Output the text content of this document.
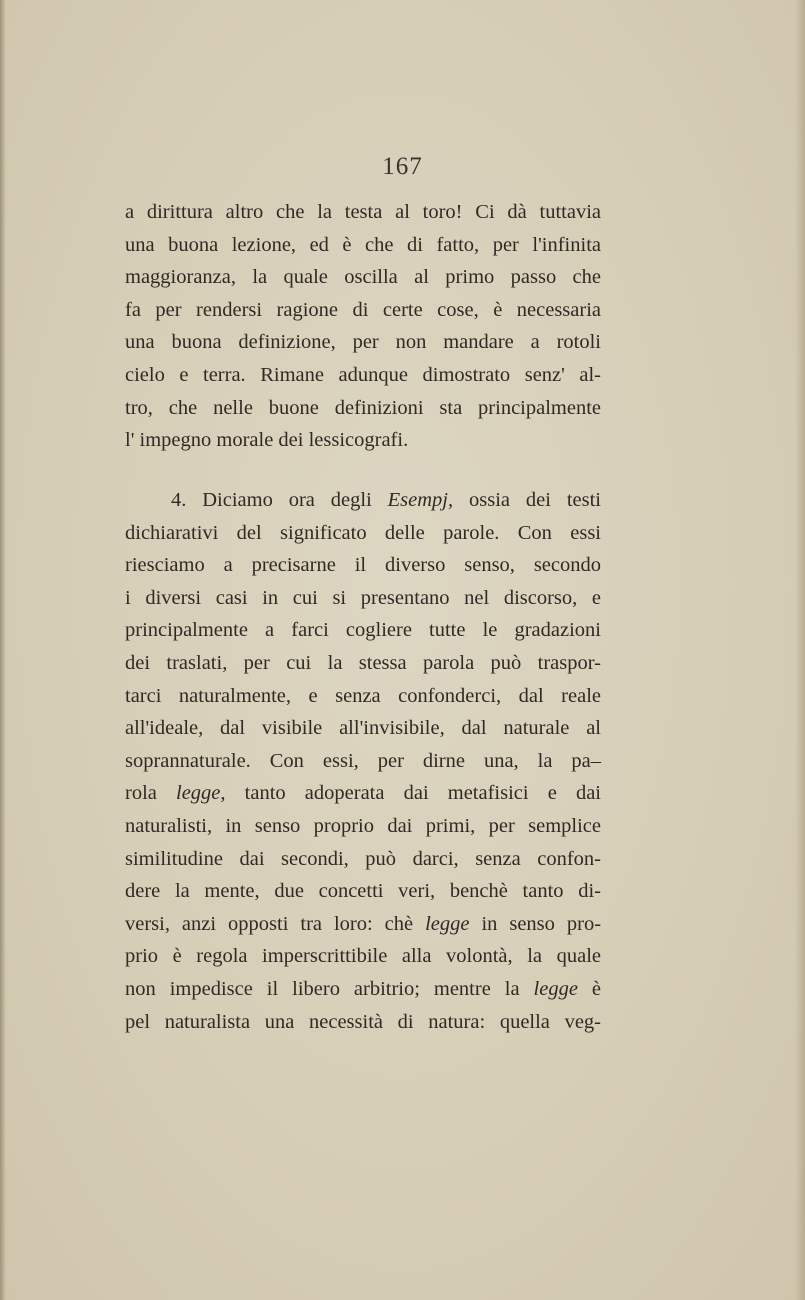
167
a dirittura altro che la testa al toro! Ci dà tuttavia
una buona lezione, ed è che di fatto, per l'infinita
maggioranza, la quale oscilla al primo passo che
fa per rendersi ragione di certe cose, è necessaria
una buona definizione, per non mandare a rotoli
cielo e terra. Rimane adunque dimostrato senz' al-
tro, che nelle buone definizioni sta principalmente
l' impegno morale dei lessicografi.
4. Diciamo ora degli Esempj, ossia dei testi
dichiarativi del significato delle parole. Con essi
riesciamo a precisarne il diverso senso, secondo
i diversi casi in cui si presentano nel discorso, e
principalmente a farci cogliere tutte le gradazioni
dei traslati, per cui la stessa parola può traspor-
tarci naturalmente, e senza confonderci, dal reale
all'ideale, dal visibile all'invisibile, dal naturale al
soprannaturale. Con essi, per dirne una, la pa–
rola legge, tanto adoperata dai metafisici e dai
naturalisti, in senso proprio dai primi, per semplice
similitudine dai secondi, può darci, senza confon-
dere la mente, due concetti veri, benchè tanto di-
versi, anzi opposti tra loro: chè legge in senso pro-
prio è regola imperscrittibile alla volontà, la quale
non impedisce il libero arbitrio; mentre la legge è
pel naturalista una necessità di natura: quella veg-
